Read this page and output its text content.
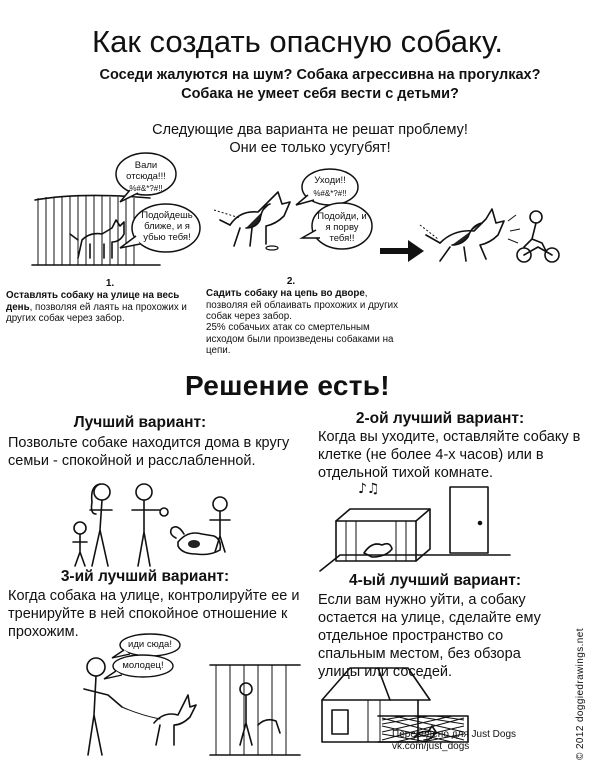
Как создать опасную собаку.
Соседи жалуются на шум? Собака агрессивна на прогулках?
Собака не умеет себя вести с детьми?
Следующие два варианта не решат проблему!
Они ее только усугубят!
Вали отсюда!!!
%#&*?#!!
Подойдешь ближе, и я убью тебя!
1.
Оставлять собаку на улице на весь день, позволяя ей лаять на прохожих и других собак через забор.
Уходи!!
%#&*?#!!
Подойди, и я порву тебя!!
2.
Садить собаку на цепь во дворе, позволяя ей облаивать прохожих и других собак через забор.
25% собачьих атак со смертельным исходом были произведены собаками на цепи.
Решение есть!
Лучший вариант:
Позвольте собаке находится дома в кругу семьи - спокойной и расслабленной.
2-ой лучший вариант:
Когда вы уходите, оставляйте собаку в клетке (не более 4-х часов) или в отдельной тихой комнате.
♪♫
3-ий лучший вариант:
Когда собака на улице, контролируйте ее и тренируйте в ней спокойное отношение к прохожим.
иди сюда!
молодец!
4-ый лучший вариант:
Если вам нужно уйти, а собаку остается на улице, сделайте ему отдельное пространство со спальным местом, без обзора улицы или соседей.
Переведено для Just Dogs
vk.com/just_dogs	© 2012 doggiedrawings.net
